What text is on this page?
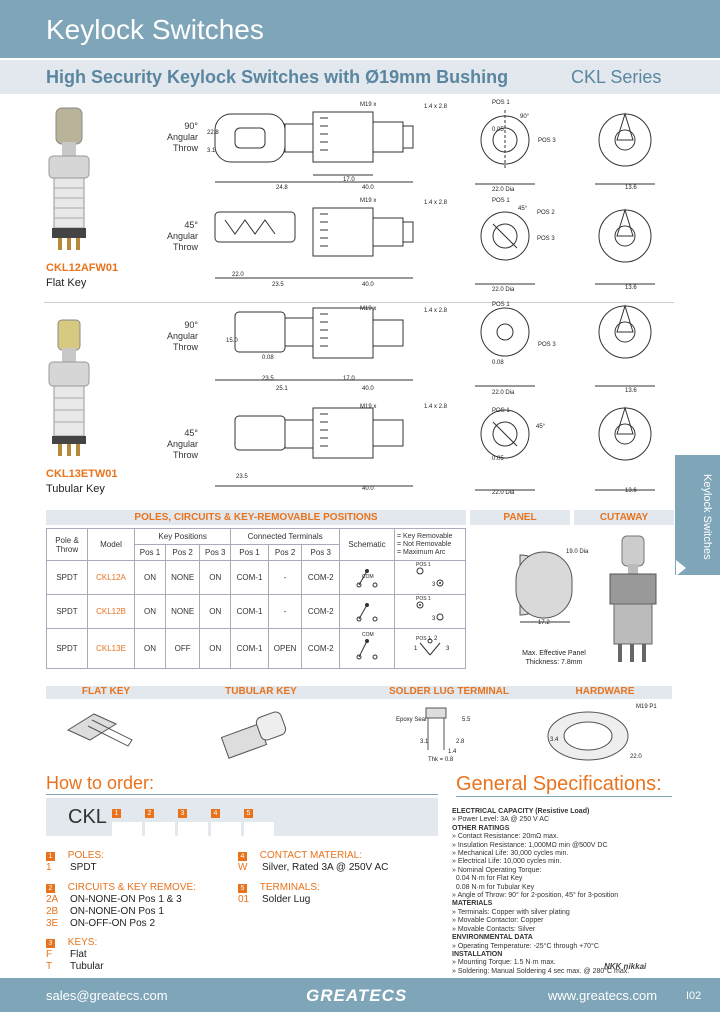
Keylock Switches
High Security Keylock Switches with Ø19mm Bushing	CKL Series
Keylock Switches
CKL12AFW01
Flat Key
CKL13ETW01
Tubular Key
90°
Angular
Throw
45°
Angular
Throw
90°
Angular
Throw
45°
Angular
Throw
M19 x	1.4 x 2.8
22.8
3.1
24.8
17.0
40.0
POS 1
POS 3
90°
0.05
22.0 Dia	13.6
M19 x	1.4 x 2.8
22.0
23.5	40.0
POS 1
POS 2
POS 3
45°
22.0 Dia	13.6
M19 x	1.4 x 2.8
15.0
0.08
23.5	17.0
25.1	40.0
POS 1
POS 3
0.08
22.0 Dia	13.6
M19 x	1.4 x 2.8
23.5
40.0
POS 1
45°
0.05
22.0 Dia	13.6
POLES, CIRCUITS & KEY-REMOVABLE POSITIONS	PANEL	CUTAWAY
Pole & Throw	Model	Key Positions			Connected Terminals			Schematic	= Key Removable
= Not Removable
= Maximum Arc

		Pos 1	Pos 2	Pos 3	Pos 1	Pos 2	Pos 3		
SPDT	CKL12A	ON	NONE	ON	COM-1	-	COM-2		
SPDT	CKL12B	ON	NONE	ON	COM-1	-	COM-2		
SPDT	CKL13E	ON	OFF	ON	COM-1	OPEN	COM-2		
COM
COM
POS 1
POS 1
POS 1
3
3
1
2
3
19.0 Dia
17.2
Max. Effective Panel
Thickness: 7.8mm
FLAT KEY	TUBULAR KEY	SOLDER LUG TERMINAL	HARDWARE
Epoxy Seal	5.5
3.1
1.4
2.8
Thk = 0.8
M19 P1
3.4
22.0
How to order:
CKL	1	2	3	4	5
1 POLES:
1 SPDT
2 CIRCUITS & KEY REMOVE:
2A ON-NONE-ON Pos 1 & 3
2B ON-NONE-ON Pos 1
3E ON-OFF-ON Pos 2
3 KEYS:
F Flat
T Tubular
4 CONTACT MATERIAL:
W Silver, Rated 3A @ 250V AC
5 TERMINALS:
01 Solder Lug
General Specifications:
ELECTRICAL CAPACITY (Resistive Load)
» Power Level: 3A @ 250 V AC
OTHER RATINGS
» Contact Resistance: 20mΩ max.
» Insulation Resistance: 1,000MΩ min @500V DC
» Mechanical Life: 30,000 cycles min.
» Electrical Life: 10,000 cycles min.
» Nominal Operating Torque:
0.04 N·m for Flat Key
0.08 N·m for Tubular Key
» Angle of Throw: 90° for 2-position, 45° for 3-position
MATERIALS
» Terminals: Copper with silver plating
» Movable Contactor: Copper
» Movable Contacts: Silver
ENVIRONMENTAL DATA
» Operating Temperature: -25°C through +70°C
INSTALLATION
» Mounting Torque: 1.5 N·m max.
» Soldering: Manual Soldering 4 sec max. @ 280°C max.
NKK nikkai
sales@greatecs.com	GREATECS	www.greatecs.com	I02
